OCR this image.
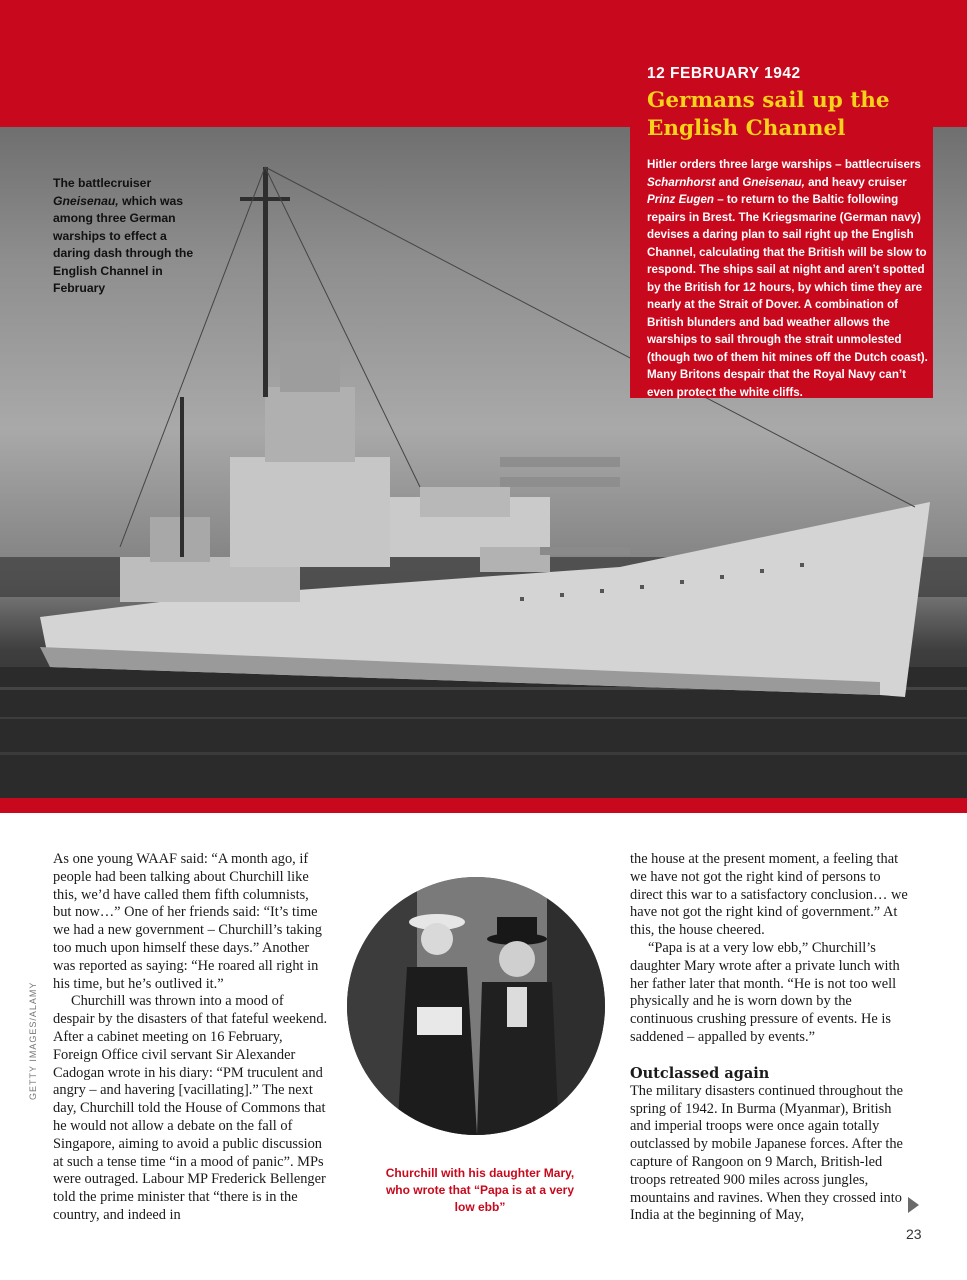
The battlecruiser Gneisenau, which was among three German warships to effect a daring dash through the English Channel in February
12 FEBRUARY 1942
Germans sail up the English Channel
Hitler orders three large warships – battlecruisers Scharnhorst and Gneisenau, and heavy cruiser Prinz Eugen – to return to the Baltic following repairs in Brest. The Kriegsmarine (German navy) devises a daring plan to sail right up the English Channel, calculating that the British will be slow to respond. The ships sail at night and aren’t spotted by the British for 12 hours, by which time they are nearly at the Strait of Dover. A combination of British blunders and bad weather allows the warships to sail through the strait unmolested (though two of them hit mines off the Dutch coast). Many Britons despair that the Royal Navy can’t even protect the white cliffs.
GETTY IMAGES/ALAMY

As one young WAAF said: “A month ago, if people had been talking about Churchill like this, we’d have called them fifth columnists, but now…” One of her friends said: “It’s time we had a new government – Churchill’s taking too much upon himself these days.” Another was reported as saying: “He roared all right in his time, but he’s outlived it.”

Churchill was thrown into a mood of despair by the disasters of that fateful weekend. After a cabinet meeting on 16 February, Foreign Office civil servant Sir Alexander Cadogan wrote in his diary: “PM truculent and angry – and havering [vacillating].” The next day, Churchill told the House of Commons that he would not allow a debate on the fall of Singapore, aiming to avoid a public discussion at such a tense time “in a mood of panic”. MPs were outraged. Labour MP Frederick Bellenger told the prime minister that “there is in the country, and indeed in

Churchill with his daughter Mary, who wrote that “Papa is at a very low ebb”

the house at the present moment, a feeling that we have not got the right kind of persons to direct this war to a satisfactory conclusion… we have not got the right kind of government.” At this, the house cheered.

“Papa is at a very low ebb,” Churchill’s daughter Mary wrote after a private lunch with her father later that month. “He is not too well physically and he is worn down by the continuous crushing pressure of events. He is saddened – appalled by events.”

Outclassed again

The military disasters continued throughout the spring of 1942. In Burma (Myanmar), British and imperial troops were once again totally outclassed by mobile Japanese forces. After the capture of Rangoon on 9 March, British-led troops retreated 900 miles across jungles, mountains and ravines. When they crossed into India at the beginning of May,

23
